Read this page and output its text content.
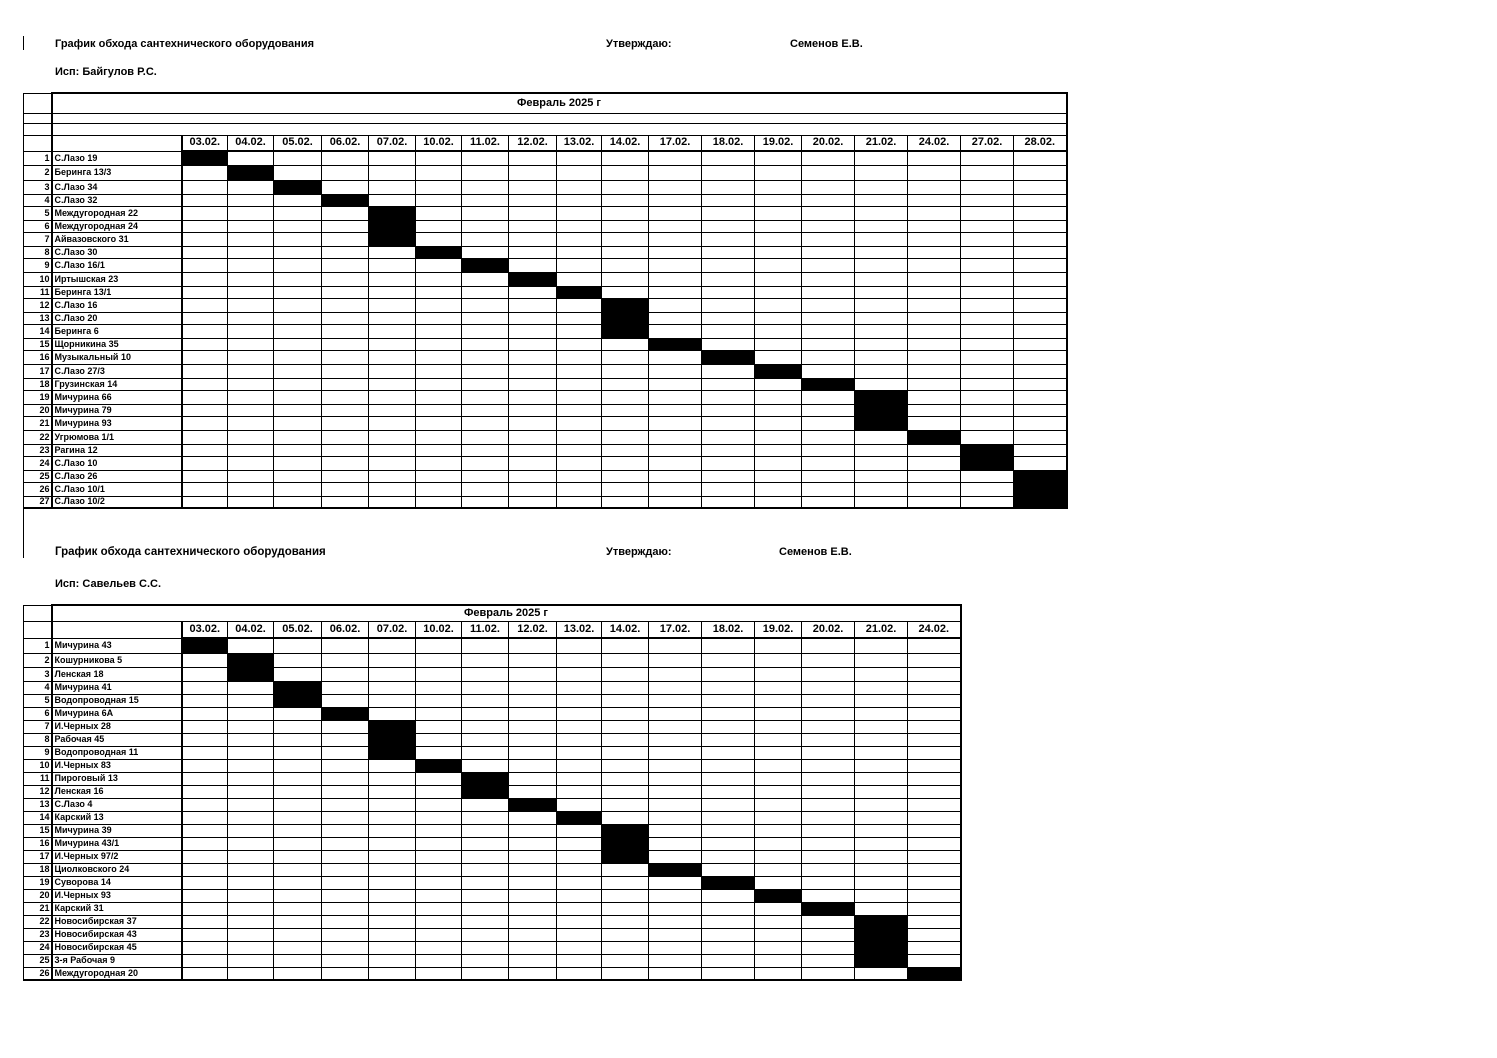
График обхода сантехнического оборудования	Утверждаю:	Семенов Е.В.
Исп: Байгулов Р.С.
	Февраль 2025 г																		

		03.02.	04.02.	05.02.	06.02.	07.02.	10.02.	11.02.	12.02.	13.02.	14.02.	17.02.	18.02.	19.02.	20.02.	21.02.	24.02.	27.02.	28.02.
1	С.Лазо 19																		
2	Беринга 13/3																		
3	С.Лазо 34																		
4	С.Лазо 32																		
5	Междугородная 22																		
6	Междугородная 24																		
7	Айвазовского 31																		
8	С.Лазо 30																		
9	С.Лазо 16/1																		
10	Иртышская 23																		
11	Беринга 13/1																		
12	С.Лазо 16																		
13	С.Лазо 20																		
14	Беринга 6																		
15	Щорникина 35																		
16	Музыкальный 10																		
17	С.Лазо 27/3																		
18	Грузинская 14																		
19	Мичурина 66																		
20	Мичурина 79																		
21	Мичурина 93																		
22	Угрюмова 1/1																		
23	Рагина 12																		
24	С.Лазо 10																		
25	С.Лазо 26																		
26	С.Лазо 10/1																		
27	С.Лазо 10/2																		
График обхода сантехнического оборудования	Утверждаю:	Семенов Е.В.
Исп: Савельев С.С.
	Февраль 2025 г																
		03.02.	04.02.	05.02.	06.02.	07.02.	10.02.	11.02.	12.02.	13.02.	14.02.	17.02.	18.02.	19.02.	20.02.	21.02.	24.02.
1	Мичурина 43																
2	Кошурникова 5																
3	Ленская 18																
4	Мичурина 41																
5	Водопроводная 15																
6	Мичурина 6А																
7	И.Черных 28																
8	Рабочая 45																
9	Водопроводная 11																
10	И.Черных 83																
11	Пироговый 13																
12	Ленская 16																
13	С.Лазо 4																
14	Карский 13																
15	Мичурина 39																
16	Мичурина 43/1																
17	И.Черных 97/2																
18	Циолковского 24																
19	Суворова 14																
20	И.Черных 93																
21	Карский 31																
22	Новосибирская 37																
23	Новосибирская 43																
24	Новосибирская 45																
25	3-я Рабочая 9																
26	Междугородная 20																
